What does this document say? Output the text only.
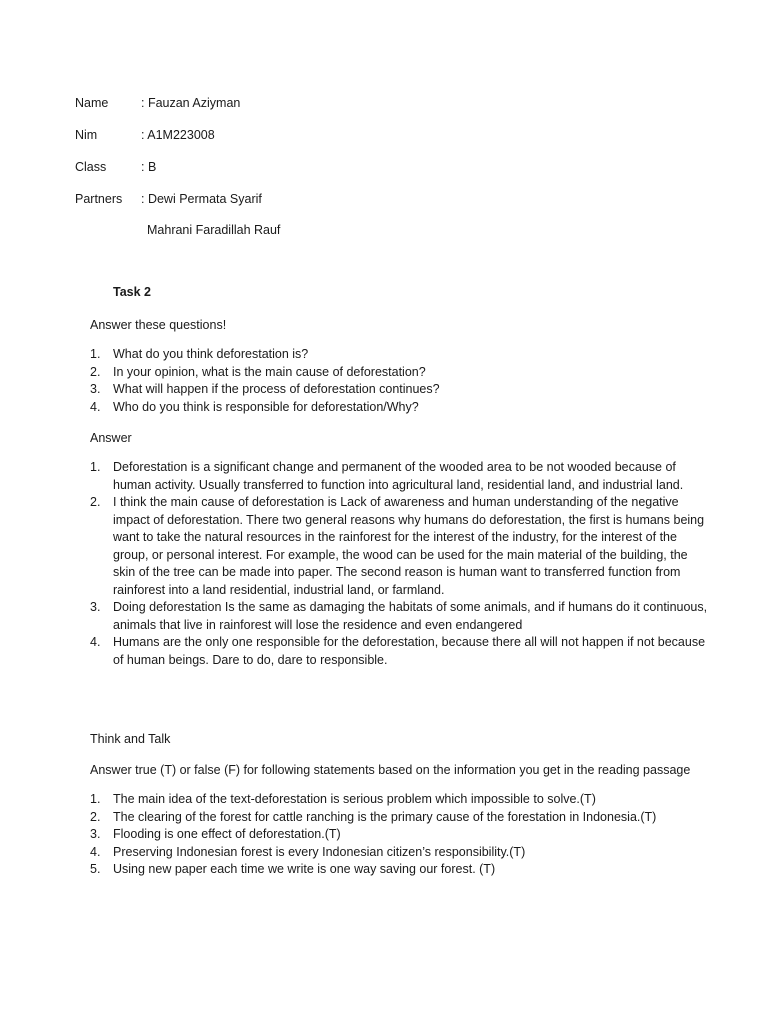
Name	: Fauzan Aziyman
Nim	: A1M223008
Class	: B
Partners	: Dewi Permata Syarif
Mahrani Faradillah Rauf
Task 2
Answer these questions!
1. What do you think deforestation is?
2. In your opinion, what is the main cause of deforestation?
3. What will happen if the process of deforestation continues?
4. Who do you think is responsible for deforestation/Why?
Answer
1. Deforestation is a significant change and permanent of the wooded area to be not wooded because of human activity. Usually transferred to function into agricultural land, residential land, and industrial land.
2. I think the main cause of deforestation is Lack of awareness and human understanding of the negative impact of deforestation. There two general reasons why humans do deforestation, the first is humans being want to take the natural resources in the rainforest for the interest of the industry, for the interest of the group, or personal interest. For example, the wood can be used for the main material of the building, the skin of the tree can be made into paper. The second reason is human want to transferred function from rainforest into a land residential, industrial land, or farmland.
3. Doing deforestation Is the same as damaging the habitats of some animals, and if humans do it continuous, animals that live in rainforest will lose the residence and even endangered
4. Humans are the only one responsible for the deforestation, because there all will not happen if not because of human beings. Dare to do, dare to responsible.
Think and Talk
Answer true (T) or false (F) for following statements based on the information you get in the reading passage
1. The main idea of the text-deforestation is serious problem which impossible to solve.(T)
2. The clearing of the forest for cattle ranching is the primary cause of the forestation in Indonesia.(T)
3. Flooding is one effect of deforestation.(T)
4. Preserving Indonesian forest is every Indonesian citizen’s responsibility.(T)
5. Using new paper each time we write is one way saving our forest. (T)
